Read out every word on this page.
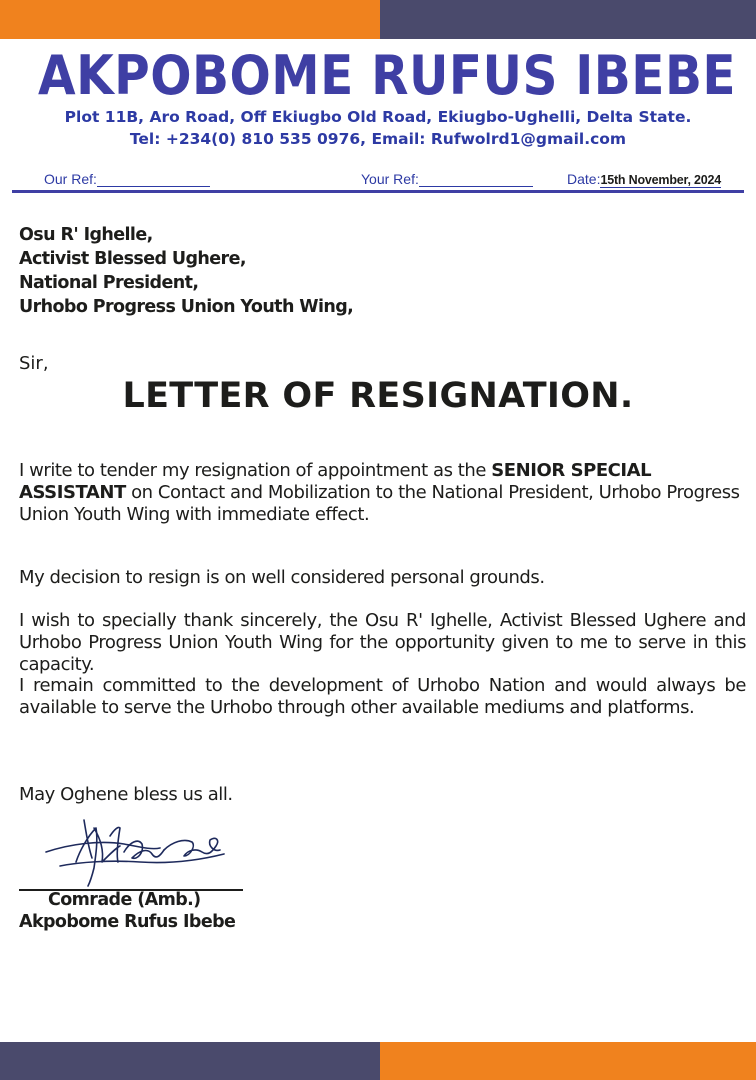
AKPOBOME RUFUS IBEBE
Plot 11B, Aro Road, Off Ekiugbo Old Road, Ekiugbo-Ughelli, Delta State.
Tel: +234(0) 810 535 0976, Email: Rufwolrd1@gmail.com
Our Ref:	Your Ref:	Date:15th November, 2024
Osu R' Ighelle,
Activist Blessed Ughere,
National President,
Urhobo Progress Union Youth Wing,
Sir,
LETTER OF RESIGNATION.
I write to tender my resignation of appointment as the SENIOR SPECIAL ASSISTANT on Contact and Mobilization to the National President, Urhobo Progress Union Youth Wing with immediate effect.
My decision to resign is on well considered personal grounds.
I wish to specially thank sincerely, the Osu R' Ighelle, Activist Blessed Ughere and Urhobo Progress Union Youth Wing for the opportunity given to me to serve in this capacity.
I remain committed to the development of Urhobo Nation and would always be available to serve the Urhobo through other available mediums and platforms.
May Oghene bless us all.
Comrade (Amb.)
Akpobome Rufus Ibebe
